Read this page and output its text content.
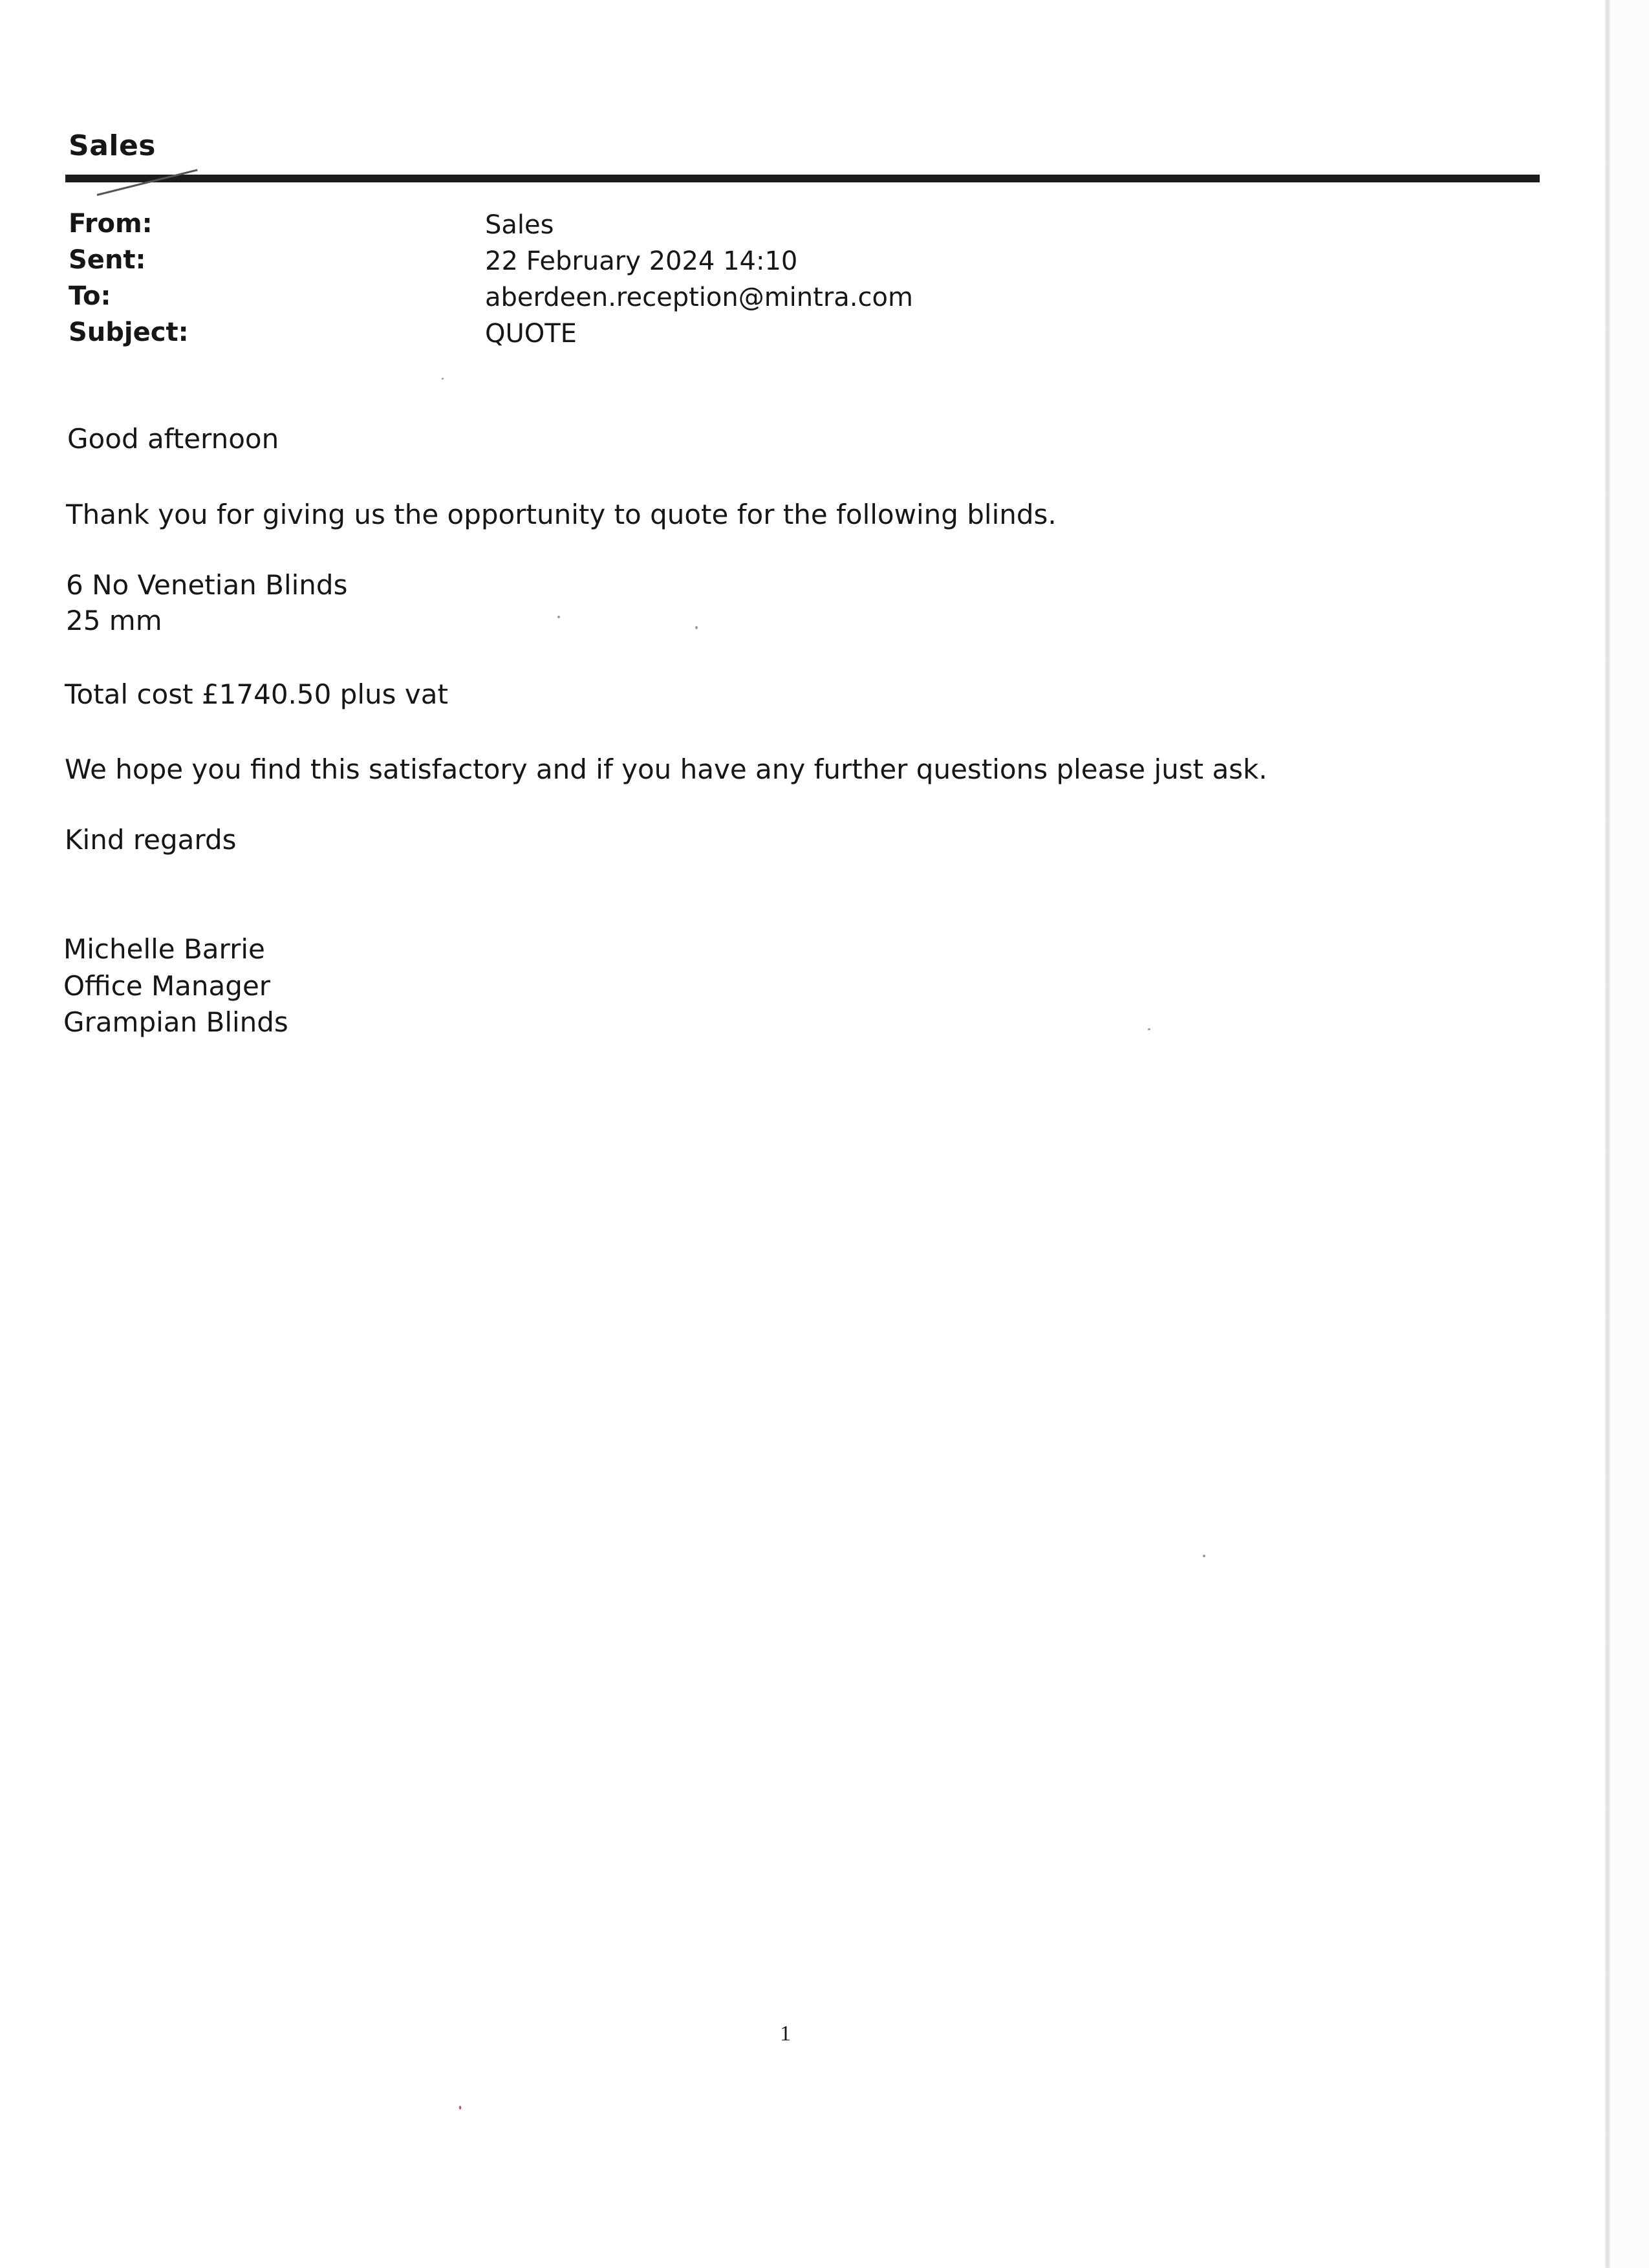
Sales
From:	Sales
Sent:	22 February 2024 14:10
To:	aberdeen.reception@mintra.com
Subject:	QUOTE
Good afternoon
Thank you for giving us the opportunity to quote for the following blinds.
6 No Venetian Blinds
25 mm
Total cost £1740.50 plus vat
We hope you find this satisfactory and if you have any further questions please just ask.
Kind regards
Michelle Barrie
Office Manager
Grampian Blinds
1
